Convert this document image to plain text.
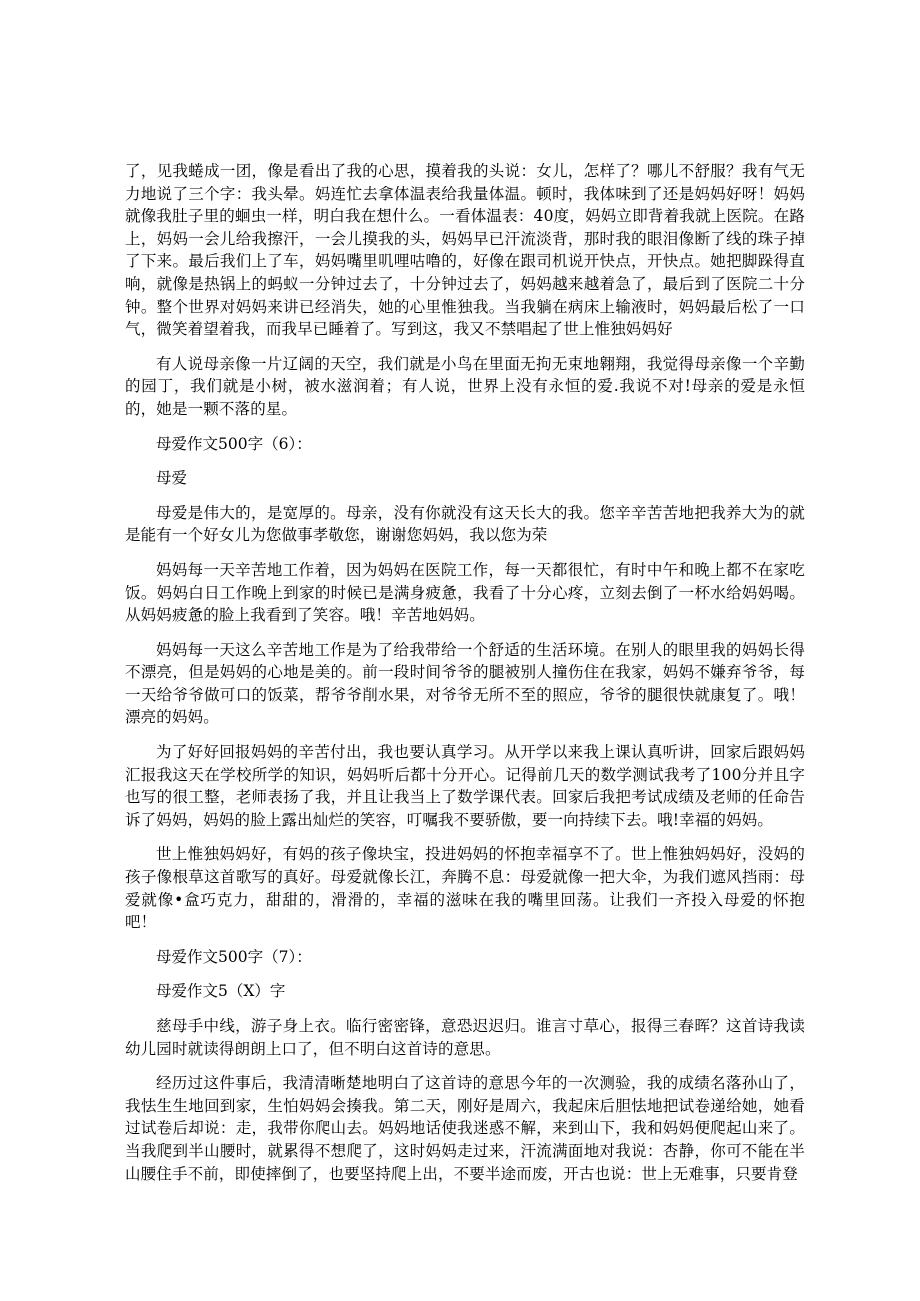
了，见我蜷成一团，像是看出了我的心思，摸着我的头说：女儿，怎样了？哪儿不舒服？我有气无力地说了三个字：我头晕。妈连忙去拿体温表给我量体温。顿时，我体味到了还是妈妈好呀！妈妈就像我肚子里的蛔虫一样，明白我在想什么。一看体温表：40度，妈妈立即背着我就上医院。在路上，妈妈一会儿给我擦汗，一会儿摸我的头，妈妈早已汗流淡背，那时我的眼泪像断了线的珠子掉了下来。最后我们上了车，妈妈嘴里叽哩咕噜的，好像在跟司机说开快点，开快点。她把脚跺得直响，就像是热锅上的蚂蚁一分钟过去了，十分钟过去了，妈妈越来越着急了，最后到了医院二十分钟。整个世界对妈妈来讲已经消失，她的心里惟独我。当我躺在病床上输液时，妈妈最后松了一口气，微笑着望着我，而我早已睡着了。写到这，我又不禁唱起了世上惟独妈妈好

有人说母亲像一片辽阔的天空，我们就是小鸟在里面无拘无束地翱翔，我觉得母亲像一个辛勤的园丁，我们就是小树，被水滋润着；有人说，世界上没有永恒的爱.我说不对!母亲的爱是永恒的，她是一颗不落的星。

母爱作文500字（6）：

母爱

母爱是伟大的，是宽厚的。母亲，没有你就没有这天长大的我。您辛辛苦苦地把我养大为的就是能有一个好女儿为您做事孝敬您，谢谢您妈妈，我以您为荣

妈妈每一天辛苦地工作着，因为妈妈在医院工作，每一天都很忙，有时中午和晚上都不在家吃饭。妈妈白日工作晚上到家的时候已是满身疲惫，我看了十分心疼，立刻去倒了一杯水给妈妈喝。从妈妈疲惫的脸上我看到了笑容。哦！辛苦地妈妈。

妈妈每一天这么辛苦地工作是为了给我带给一个舒适的生活环境。在别人的眼里我的妈妈长得不漂亮，但是妈妈的心地是美的。前一段时间爷爷的腿被别人撞伤住在我家，妈妈不嫌弃爷爷，每一天给爷爷做可口的饭菜，帮爷爷削水果，对爷爷无所不至的照应，爷爷的腿很快就康复了。哦！漂亮的妈妈。

为了好好回报妈妈的辛苦付出，我也要认真学习。从开学以来我上课认真听讲，回家后跟妈妈汇报我这天在学校所学的知识，妈妈听后都十分开心。记得前几天的数学测试我考了100分并且字也写的很工整，老师表扬了我，并且让我当上了数学课代表。回家后我把考试成绩及老师的任命告诉了妈妈，妈妈的脸上露出灿烂的笑容，叮嘱我不要骄傲，要一向持续下去。哦!幸福的妈妈。

世上惟独妈妈好，有妈的孩子像块宝，投进妈妈的怀抱幸福享不了。世上惟独妈妈好，没妈的孩子像根草这首歌写的真好。母爱就像长江，奔腾不息：母爱就像一把大伞，为我们遮风挡雨：母爱就像•盒巧克力，甜甜的，滑滑的，幸福的滋味在我的嘴里回荡。让我们一齐投入母爱的怀抱吧！

母爱作文500字（7）：

母爱作文5（X）字

慈母手中线，游子身上衣。临行密密锋，意恐迟迟归。谁言寸草心，报得三春晖？这首诗我读幼儿园时就读得朗朗上口了，但不明白这首诗的意思。

经历过这件事后，我清清晰楚地明白了这首诗的意思今年的一次测验，我的成绩名落孙山了，我怯生生地回到家，生怕妈妈会揍我。第二天，刚好是周六，我起床后胆怯地把试卷递给她，她看过试卷后却说：走，我带你爬山去。妈妈地话使我迷惑不解，来到山下，我和妈妈便爬起山来了。当我爬到半山腰时，就累得不想爬了，这时妈妈走过来，汗流满面地对我说：杏静，你可不能在半山腰住手不前，即使摔倒了，也要坚持爬上出，不要半途而废，开古也说：世上无难事，只要肯登
